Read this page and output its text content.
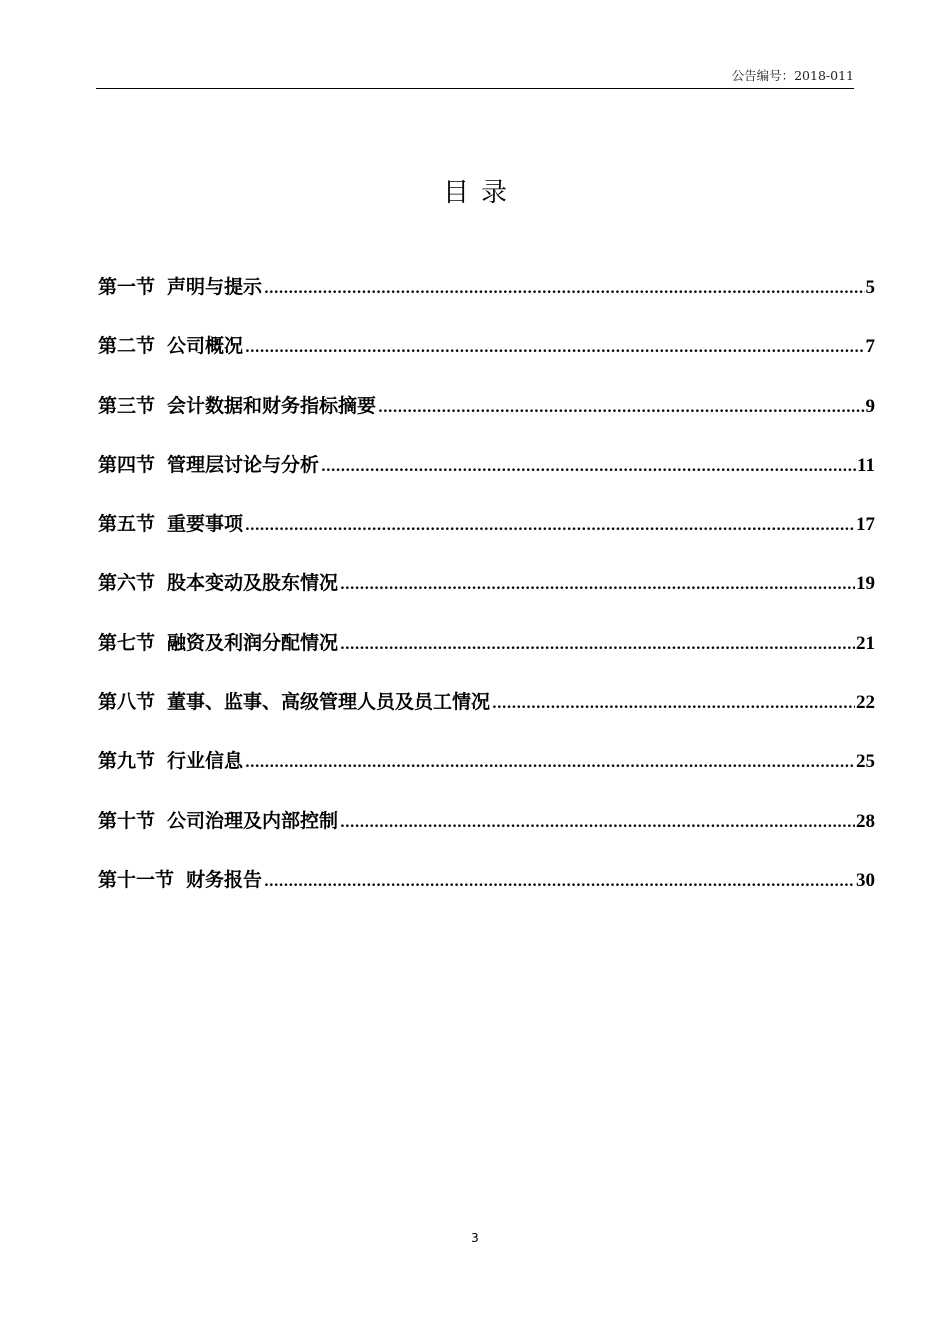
公告编号：2018-011
目录
第一节 声明与提示 .....	5
第二节 公司概况 .....	7
第三节 会计数据和财务指标摘要 .....	9
第四节 管理层讨论与分析 .....	11
第五节 重要事项 .....	17
第六节 股本变动及股东情况 .....	19
第七节 融资及利润分配情况 .....	21
第八节 董事、监事、高级管理人员及员工情况 .....	22
第九节 行业信息 .....	25
第十节 公司治理及内部控制 .....	28
第十一节 财务报告 .....	30
3
